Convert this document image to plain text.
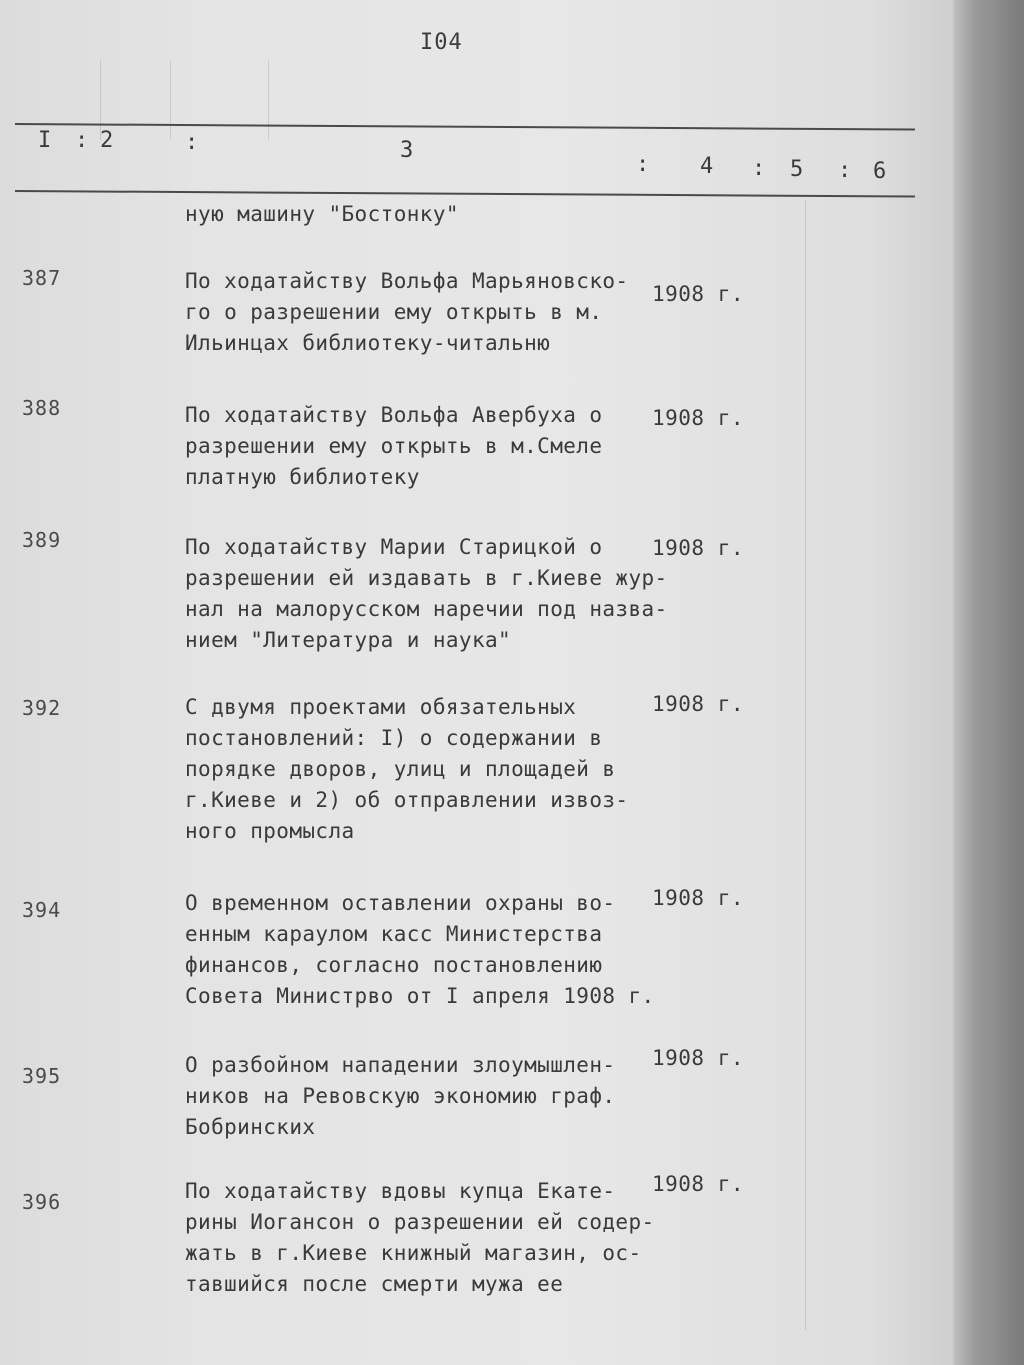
I04
I : 2	:	3
: 4 : 5 : 6
ную машину "Бостонку"
387	По ходатайству Вольфа Марьяновско-
го о разрешении ему открыть в м.
Ильинцах библиотеку-читальню
1908 г.
388	По ходатайству Вольфа Авербуха о
разрешении ему открыть в м.Смеле
платную библиотеку
1908 г.
389	По ходатайству Марии Старицкой о
разрешении ей издавать в г.Киеве жур-
нал на малорусском наречии под назва-
нием "Литература и наука"
1908 г.
392	С двумя проектами обязательных
постановлений: I) о содержании в
порядке дворов, улиц и площадей в
г.Киеве и 2) об отправлении извоз-
ного промысла
1908 г.
394	О временном оставлении охраны во-
енным караулом касс Министерства
финансов, согласно постановлению
Совета Министрво от I апреля 1908 г.
1908 г.
395	О разбойном нападении злоумышлен-
ников на Ревовскую экономию граф.
Бобринских
1908 г.
396	По ходатайству вдовы купца Екате-
рины Иогансон о разрешении ей содер-
жать в г.Киеве книжный магазин, ос-
тавшийся после смерти мужа ее
1908 г.
